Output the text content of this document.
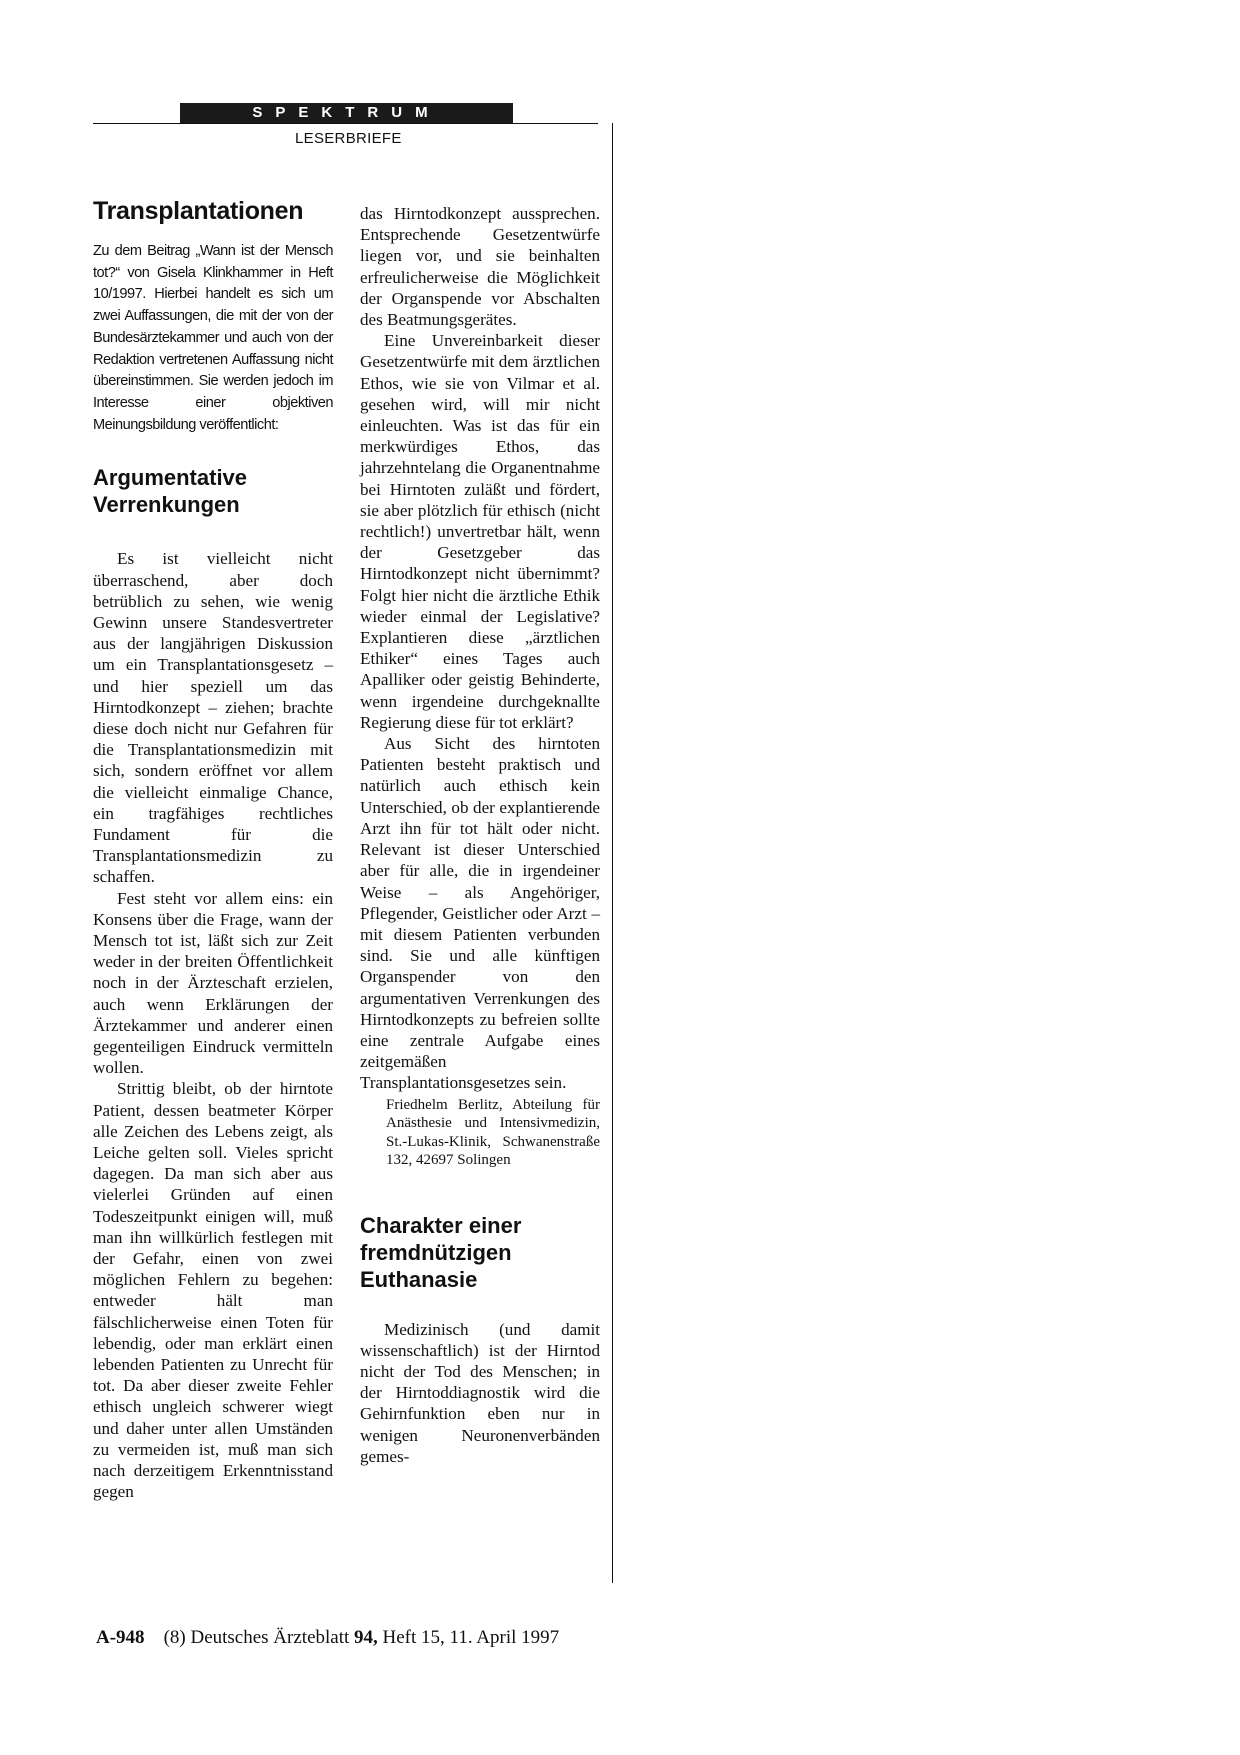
SPEKTRUM
LESERBRIEFE
Transplantationen

Zu dem Beitrag „Wann ist der Mensch tot?“ von Gisela Klinkhammer in Heft 10/1997. Hierbei handelt es sich um zwei Auffassungen, die mit der von der Bundesärztekammer und auch von der Redaktion vertretenen Auffassung nicht übereinstimmen. Sie werden jedoch im Interesse einer objektiven Meinungsbildung veröffentlicht:

Argumentative Verrenkungen

Es ist vielleicht nicht überraschend, aber doch betrüblich zu sehen, wie wenig Gewinn unsere Standesvertreter aus der langjährigen Diskussion um ein Transplantationsgesetz – und hier speziell um das Hirntodkonzept – ziehen; brachte diese doch nicht nur Gefahren für die Transplantationsmedizin mit sich, sondern eröffnet vor allem die vielleicht einmalige Chance, ein tragfähiges rechtliches Fundament für die Transplantationsmedizin zu schaffen.

Fest steht vor allem eins: ein Konsens über die Frage, wann der Mensch tot ist, läßt sich zur Zeit weder in der breiten Öffentlichkeit noch in der Ärzteschaft erzielen, auch wenn Erklärungen der Ärztekammer und anderer einen gegenteiligen Eindruck vermitteln wollen.

Strittig bleibt, ob der hirntote Patient, dessen beatmeter Körper alle Zeichen des Lebens zeigt, als Leiche gelten soll. Vieles spricht dagegen. Da man sich aber aus vielerlei Gründen auf einen Todeszeitpunkt einigen will, muß man ihn willkürlich festlegen mit der Gefahr, einen von zwei möglichen Fehlern zu begehen: entweder hält man fälschlicherweise einen Toten für lebendig, oder man erklärt einen lebenden Patienten zu Unrecht für tot. Da aber dieser zweite Fehler ethisch ungleich schwerer wiegt und daher unter allen Umständen zu vermeiden ist, muß man sich nach derzeitigem Erkenntnisstand gegen

das Hirntodkonzept aussprechen. Entsprechende Gesetzentwürfe liegen vor, und sie beinhalten erfreulicherweise die Möglichkeit der Organspende vor Abschalten des Beatmungsgerätes.

Eine Unvereinbarkeit dieser Gesetzentwürfe mit dem ärztlichen Ethos, wie sie von Vilmar et al. gesehen wird, will mir nicht einleuchten. Was ist das für ein merkwürdiges Ethos, das jahrzehntelang die Organentnahme bei Hirntoten zuläßt und fördert, sie aber plötzlich für ethisch (nicht rechtlich!) unvertretbar hält, wenn der Gesetzgeber das Hirntodkonzept nicht übernimmt? Folgt hier nicht die ärztliche Ethik wieder einmal der Legislative? Explantieren diese „ärztlichen Ethiker“ eines Tages auch Apalliker oder geistig Behinderte, wenn irgendeine durchgeknallte Regierung diese für tot erklärt?

Aus Sicht des hirntoten Patienten besteht praktisch und natürlich auch ethisch kein Unterschied, ob der explantierende Arzt ihn für tot hält oder nicht. Relevant ist dieser Unterschied aber für alle, die in irgendeiner Weise – als Angehöriger, Pflegender, Geistlicher oder Arzt – mit diesem Patienten verbunden sind. Sie und alle künftigen Organspender von den argumentativen Verrenkungen des Hirntodkonzepts zu befreien sollte eine zentrale Aufgabe eines zeitgemäßen Transplantationsgesetzes sein.

Friedhelm Berlitz, Abteilung für Anästhesie und Intensivmedizin, St.-Lukas-Klinik, Schwanenstraße 132, 42697 Solingen

Charakter einer fremdnützigen Euthanasie

Medizinisch (und damit wissenschaftlich) ist der Hirntod nicht der Tod des Menschen; in der Hirntoddiagnostik wird die Gehirnfunktion eben nur in wenigen Neuronenverbänden gemes-

A-948 (8) Deutsches Ärzteblatt 94, Heft 15, 11. April 1997
